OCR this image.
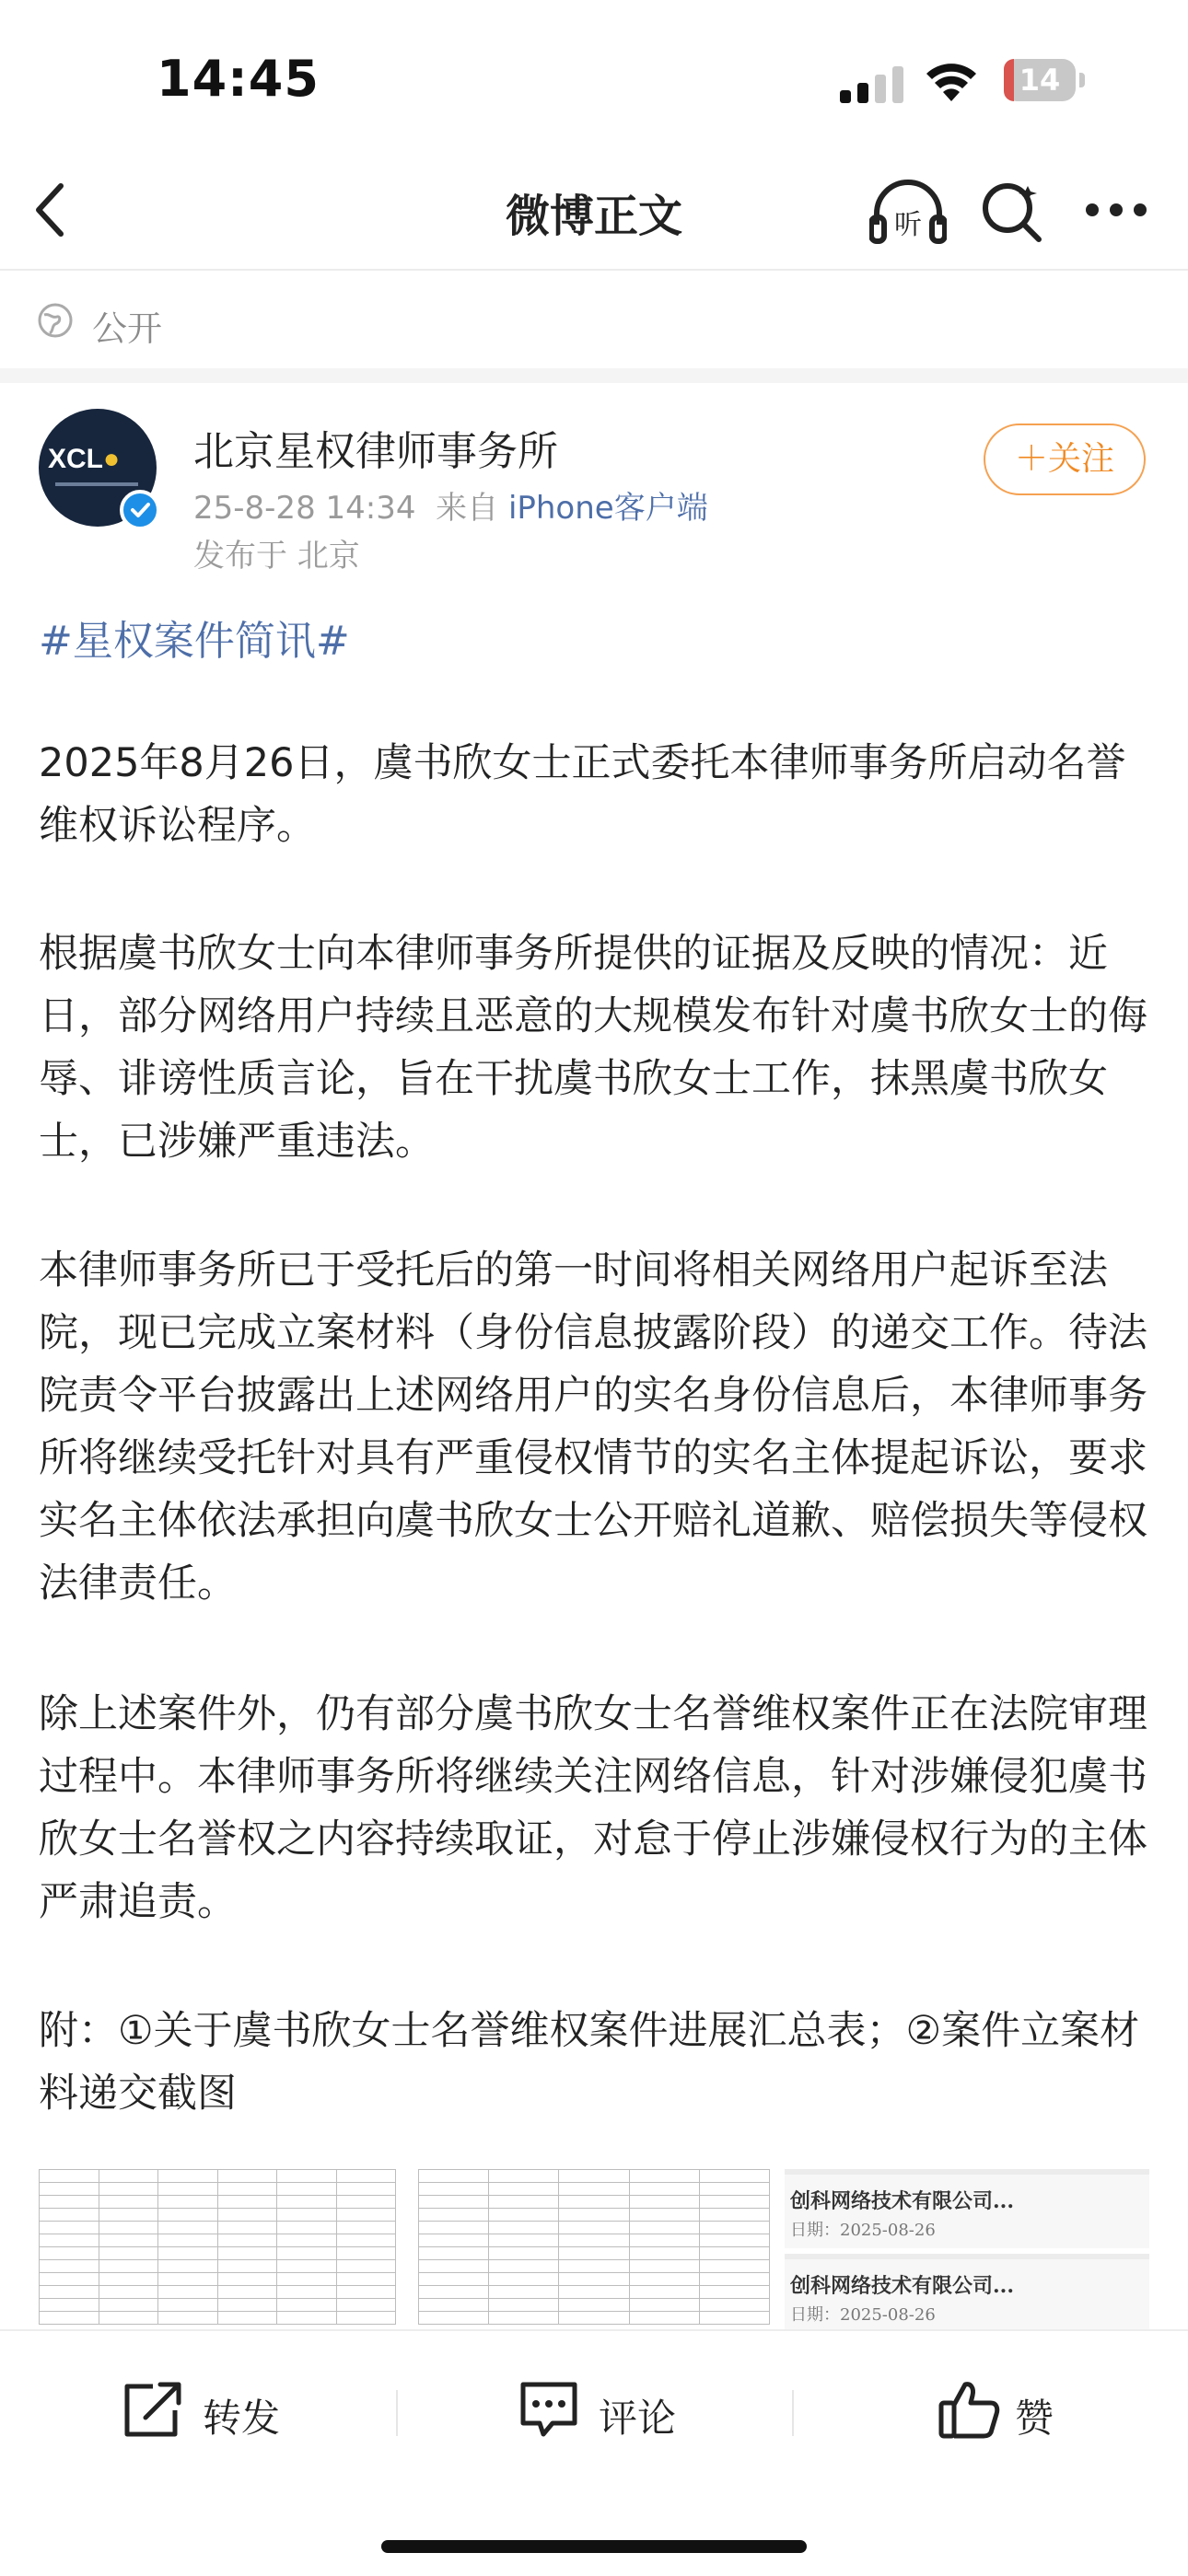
14:45	14
微博正文	听
公开
XCL● 北京星权律师事务所
25-8-28 14:34 来自 iPhone客户端
发布于 北京
＋关注
#星权案件简讯#

2025年8月26日，虞书欣女士正式委托本律师事务所启动名誉维权诉讼程序。

根据虞书欣女士向本律师事务所提供的证据及反映的情况：近日，部分网络用户持续且恶意的大规模发布针对虞书欣女士的侮辱、诽谤性质言论，旨在干扰虞书欣女士工作，抹黑虞书欣女士，已涉嫌严重违法。

本律师事务所已于受托后的第一时间将相关网络用户起诉至法院，现已完成立案材料（身份信息披露阶段）的递交工作。待法院责令平台披露出上述网络用户的实名身份信息后，本律师事务所将继续受托针对具有严重侵权情节的实名主体提起诉讼，要求实名主体依法承担向虞书欣女士公开赔礼道歉、赔偿损失等侵权法律责任。

除上述案件外，仍有部分虞书欣女士名誉维权案件正在法院审理过程中。本律师事务所将继续关注网络信息，针对涉嫌侵犯虞书欣女士名誉权之内容持续取证，对怠于停止涉嫌侵权行为的主体严肃追责。

附：①关于虞书欣女士名誉维权案件进展汇总表；②案件立案材料递交截图

创科网络技术有限公司...
日期：2025-08-26
创科网络技术有限公司...
日期：2025-08-26
转发	评论	赞
